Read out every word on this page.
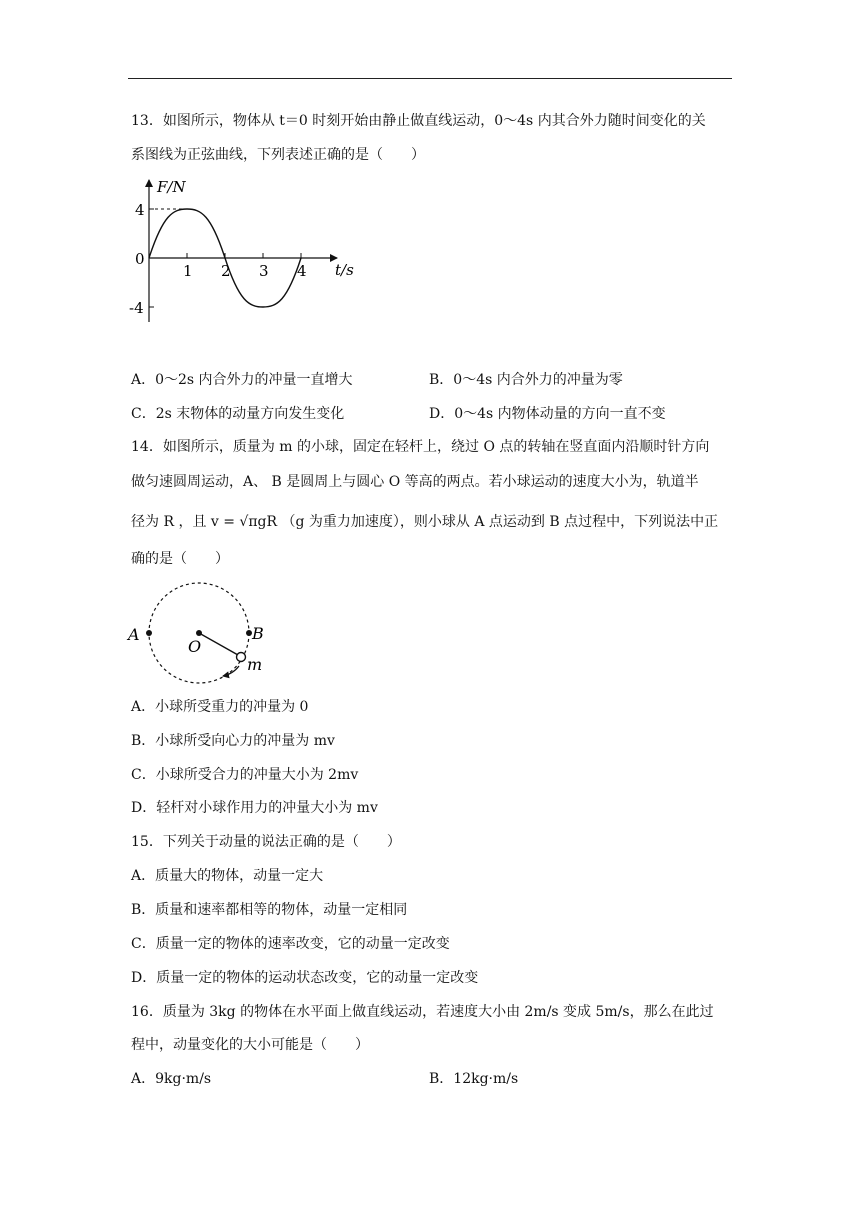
13．如图所示，物体从 t＝0 时刻开始由静止做直线运动，0～4s 内其合外力随时间变化的关
系图线为正弦曲线，下列表述正确的是（　　）
F/N
t/s
0
4
-4
1 2 3 4
A．0～2s 内合外力的冲量一直增大	B．0～4s 内合外力的冲量为零
C．2s 末物体的动量方向发生变化	D．0～4s 内物体动量的方向一直不变
14．如图所示，质量为 m 的小球，固定在轻杆上，绕过 O 点的转轴在竖直面内沿顺时针方向
做匀速圆周运动，A、 B 是圆周上与圆心 O 等高的两点。若小球运动的速度大小为，轨道半
径为 R ，且 v = √πgR （g 为重力加速度），则小球从 A 点运动到 B 点过程中，下列说法中正
确的是（　　）
A	B
O
m
A．小球所受重力的冲量为 0
B．小球所受向心力的冲量为 mv
C．小球所受合力的冲量大小为 2mv
D．轻杆对小球作用力的冲量大小为 mv
15．下列关于动量的说法正确的是（　　）
A．质量大的物体，动量一定大
B．质量和速率都相等的物体，动量一定相同
C．质量一定的物体的速率改变，它的动量一定改变
D．质量一定的物体的运动状态改变，它的动量一定改变
16．质量为 3kg 的物体在水平面上做直线运动，若速度大小由 2m/s 变成 5m/s，那么在此过
程中，动量变化的大小可能是（　　）
A．9kg·m/s	B．12kg·m/s
